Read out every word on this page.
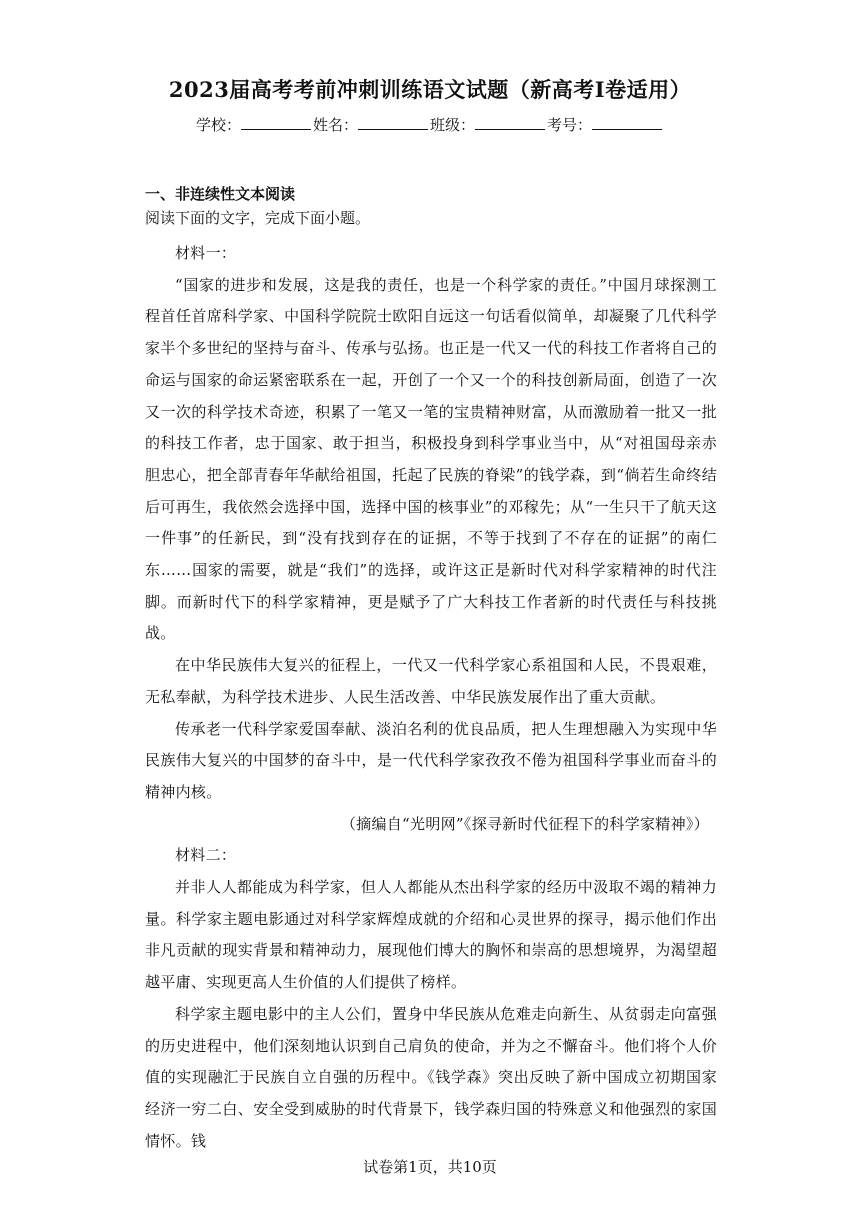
2023届高考考前冲刺训练语文试题（新高考Ⅰ卷适用）
学校：	姓名：	班级：	考号：
一、非连续性文本阅读
阅读下面的文字，完成下面小题。

材料一：

“国家的进步和发展，这是我的责任，也是一个科学家的责任。”中国月球探测工程首任首席科学家、中国科学院院士欧阳自远这一句话看似简单，却凝聚了几代科学家半个多世纪的坚持与奋斗、传承与弘扬。也正是一代又一代的科技工作者将自己的命运与国家的命运紧密联系在一起，开创了一个又一个的科技创新局面，创造了一次又一次的科学技术奇迹，积累了一笔又一笔的宝贵精神财富，从而激励着一批又一批的科技工作者，忠于国家、敢于担当，积极投身到科学事业当中，从“对祖国母亲赤胆忠心，把全部青春年华献给祖国，托起了民族的脊梁”的钱学森，到“倘若生命终结后可再生，我依然会选择中国，选择中国的核事业”的邓稼先；从“一生只干了航天这一件事”的任新民，到“没有找到存在的证据，不等于找到了不存在的证据”的南仁东……国家的需要，就是“我们”的选择，或许这正是新时代对科学家精神的时代注脚。而新时代下的科学家精神，更是赋予了广大科技工作者新的时代责任与科技挑战。

在中华民族伟大复兴的征程上，一代又一代科学家心系祖国和人民，不畏艰难，无私奉献，为科学技术进步、人民生活改善、中华民族发展作出了重大贡献。

传承老一代科学家爱国奉献、淡泊名利的优良品质，把人生理想融入为实现中华民族伟大复兴的中国梦的奋斗中，是一代代科学家孜孜不倦为祖国科学事业而奋斗的精神内核。

（摘编自“光明网”《探寻新时代征程下的科学家精神》）

材料二：

并非人人都能成为科学家，但人人都能从杰出科学家的经历中汲取不竭的精神力量。科学家主题电影通过对科学家辉煌成就的介绍和心灵世界的探寻，揭示他们作出非凡贡献的现实背景和精神动力，展现他们博大的胸怀和崇高的思想境界，为渴望超越平庸、实现更高人生价值的人们提供了榜样。

科学家主题电影中的主人公们，置身中华民族从危难走向新生、从贫弱走向富强的历史进程中，他们深刻地认识到自己肩负的使命，并为之不懈奋斗。他们将个人价值的实现融汇于民族自立自强的历程中。《钱学森》突出反映了新中国成立初期国家经济一穷二白、安全受到威胁的时代背景下，钱学森归国的特殊意义和他强烈的家国情怀。钱

试卷第1页，共10页
